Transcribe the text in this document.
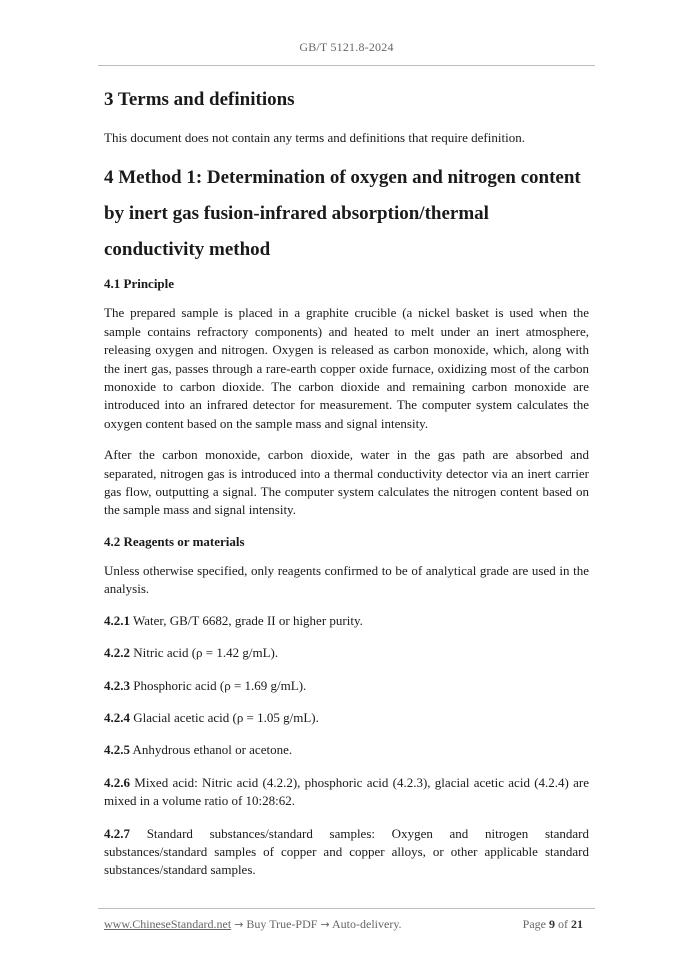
GB/T 5121.8-2024
3 Terms and definitions

This document does not contain any terms and definitions that require definition.

4 Method 1: Determination of oxygen and nitrogen content by inert gas fusion-infrared absorption/thermal conductivity method
4.1 Principle

The prepared sample is placed in a graphite crucible (a nickel basket is used when the sample contains refractory components) and heated to melt under an inert atmosphere, releasing oxygen and nitrogen. Oxygen is released as carbon monoxide, which, along with the inert gas, passes through a rare-earth copper oxide furnace, oxidizing most of the carbon monoxide to carbon dioxide. The carbon dioxide and remaining carbon monoxide are introduced into an infrared detector for measurement. The computer system calculates the oxygen content based on the sample mass and signal intensity.

After the carbon monoxide, carbon dioxide, water in the gas path are absorbed and separated, nitrogen gas is introduced into a thermal conductivity detector via an inert carrier gas flow, outputting a signal. The computer system calculates the nitrogen content based on the sample mass and signal intensity.

4.2 Reagents or materials

Unless otherwise specified, only reagents confirmed to be of analytical grade are used in the analysis.

4.2.1 Water, GB/T 6682, grade II or higher purity.

4.2.2 Nitric acid (ρ = 1.42 g/mL).

4.2.3 Phosphoric acid (ρ = 1.69 g/mL).

4.2.4 Glacial acetic acid (ρ = 1.05 g/mL).

4.2.5 Anhydrous ethanol or acetone.

4.2.6 Mixed acid: Nitric acid (4.2.2), phosphoric acid (4.2.3), glacial acetic acid (4.2.4) are mixed in a volume ratio of 10:28:62.

4.2.7 Standard substances/standard samples: Oxygen and nitrogen standard substances/standard samples of copper and copper alloys, or other applicable standard substances/standard samples.

www.ChineseStandard.net → Buy True-PDF → Auto-delivery.	Page 9 of 21
